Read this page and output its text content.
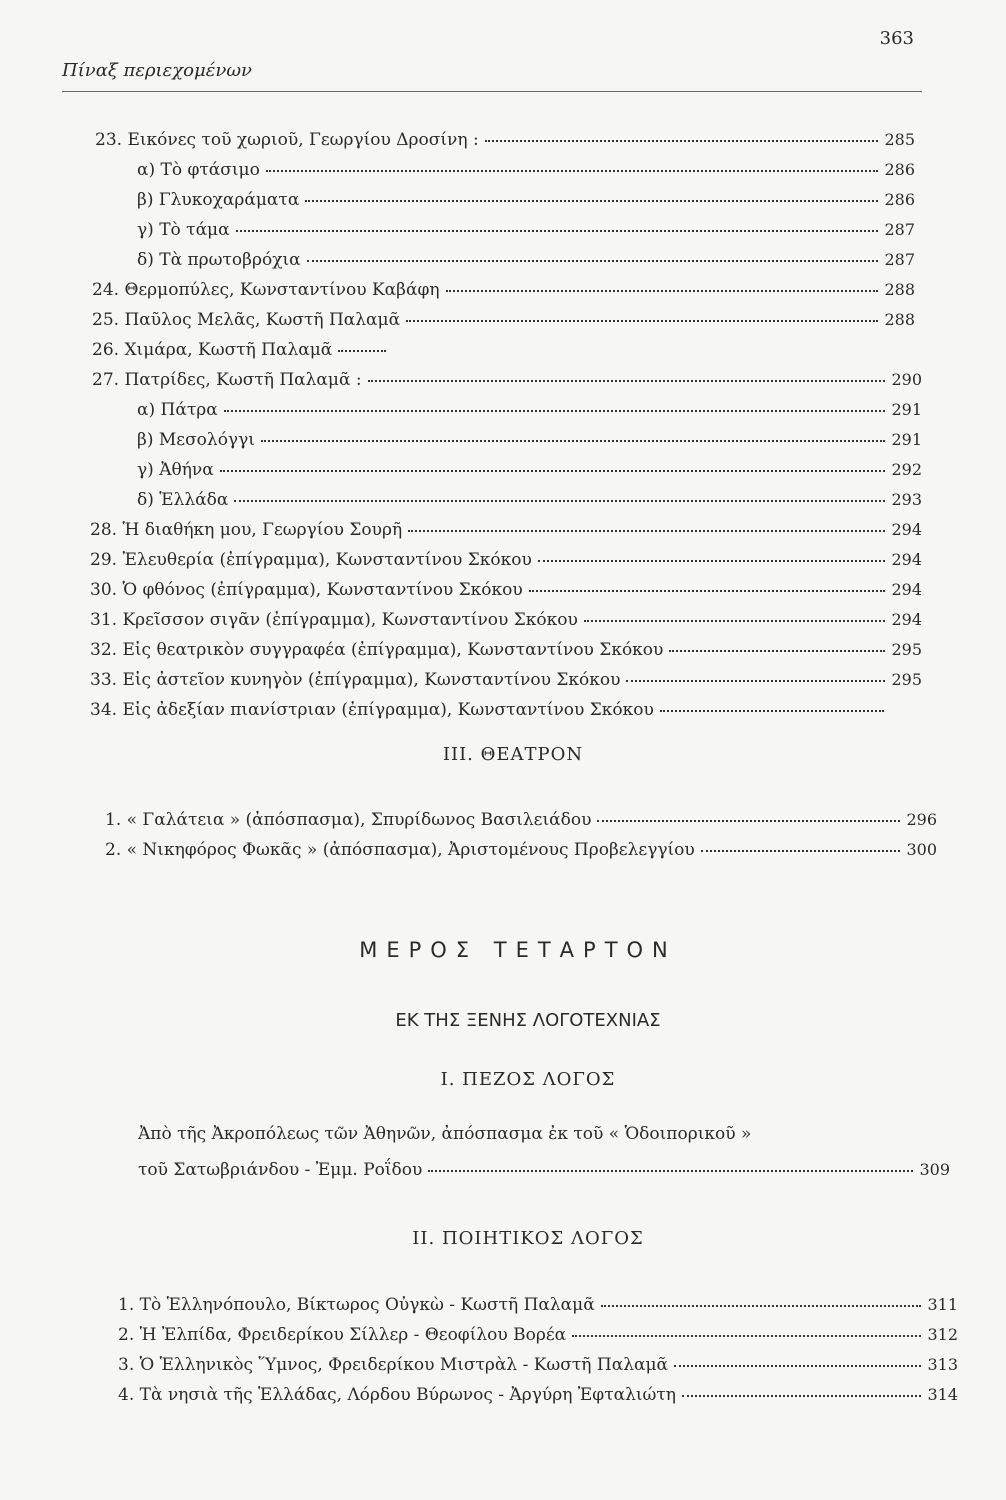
363
Πίναξ περιεχομένων
23. Εικόνες τοῦ χωριοῦ, Γεωργίου Δροσίνη :	285
α) Τὸ φτάσιμο	286
β) Γλυκοχαράματα	286
γ) Τὸ τάμα	287
δ) Τὰ πρωτοβρόχια	287
24. Θερμοπύλες, Κωνσταντίνου Καβάφη	288
25. Παῦλος Μελᾶς, Κωστῆ Παλαμᾶ	288
26. Χιμάρα, Κωστῆ Παλαμᾶ
27. Πατρίδες, Κωστῆ Παλαμᾶ :	290
α) Πάτρα	291
β) Μεσολόγγι	291
γ) Ἀθήνα	292
δ) Ἑλλάδα	293
28. Ἡ διαθήκη μου, Γεωργίου Σουρῆ	294
29. Ἐλευθερία (ἐπίγραμμα), Κωνσταντίνου Σκόκου	294
30. Ὁ φθόνος (ἐπίγραμμα), Κωνσταντίνου Σκόκου	294
31. Κρεῖσσον σιγᾶν (ἐπίγραμμα), Κωνσταντίνου Σκόκου	294
32. Εἰς θεατρικὸν συγγραφέα (ἐπίγραμμα), Κωνσταντίνου Σκόκου	295
33. Εἰς ἀστεῖον κυνηγὸν (ἐπίγραμμα), Κωνσταντίνου Σκόκου	295
34. Εἰς ἀδεξίαν πιανίστριαν (ἐπίγραμμα), Κωνσταντίνου Σκόκου
ΙΙΙ. ΘΕΑΤΡΟΝ
1. « Γαλάτεια » (ἀπόσπασμα), Σπυρίδωνος Βασιλειάδου	296
2. « Νικηφόρος Φωκᾶς » (ἀπόσπασμα), Ἀριστομένους Προβελεγγίου	300
ΜΕΡΟΣ ΤΕΤΑΡΤΟΝ
ΕΚ ΤΗΣ ΞΕΝΗΣ ΛΟΓΟΤΕΧΝΙΑΣ
Ι. ΠΕΖΟΣ ΛΟΓΟΣ
Ἀπὸ τῆς Ἀκροπόλεως τῶν Ἀθηνῶν, ἀπόσπασμα ἐκ τοῦ « Ὁδοιπορικοῦ »
τοῦ Σατωβριάνδου - Ἐμμ. Ροΐδου	309
ΙΙ. ΠΟΙΗΤΙΚΟΣ ΛΟΓΟΣ
1. Τὸ Ἑλληνόπουλο, Βίκτωρος Οὐγκὼ - Κωστῆ Παλαμᾶ	311
2. Ἡ Ἐλπίδα, Φρειδερίκου Σίλλερ - Θεοφίλου Βορέα	312
3. Ὁ Ἑλληνικὸς Ὕμνος, Φρειδερίκου Μιστρὰλ - Κωστῆ Παλαμᾶ	313
4. Τὰ νησιὰ τῆς Ἑλλάδας, Λόρδου Βύρωνος - Ἀργύρη Ἐφταλιώτη	314
